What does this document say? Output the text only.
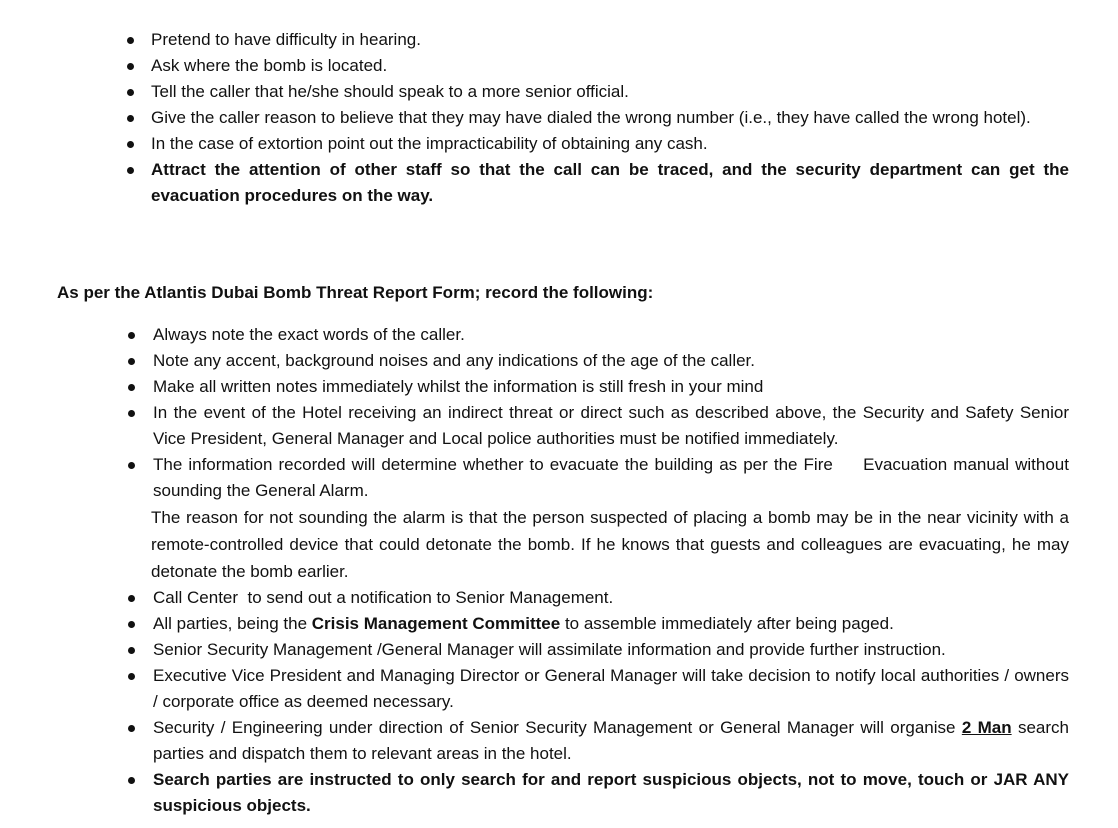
Pretend to have difficulty in hearing.
Ask where the bomb is located.
Tell the caller that he/she should speak to a more senior official.
Give the caller reason to believe that they may have dialed the wrong number (i.e., they have called the wrong hotel).
In the case of extortion point out the impracticability of obtaining any cash.
Attract the attention of other staff so that the call can be traced, and the security department can get the evacuation procedures on the way.

As per the Atlantis Dubai Bomb Threat Report Form; record the following:

Always note the exact words of the caller.
Note any accent, background noises and any indications of the age of the caller.
Make all written notes immediately whilst the information is still fresh in your mind
In the event of the Hotel receiving an indirect threat or direct such as described above, the Security and Safety Senior Vice President, General Manager and Local police authorities must be notified immediately.
The information recorded will determine whether to evacuate the building as per the Fire     Evacuation manual without sounding the General Alarm.
The reason for not sounding the alarm is that the person suspected of placing a bomb may be in the near vicinity with a remote-controlled device that could detonate the bomb. If he knows that guests and colleagues are evacuating, he may detonate the bomb earlier.
Call Center  to send out a notification to Senior Management.
All parties, being the Crisis Management Committee to assemble immediately after being paged.
Senior Security Management /General Manager will assimilate information and provide further instruction.
Executive Vice President and Managing Director or General Manager will take decision to notify local authorities / owners / corporate office as deemed necessary.
Security / Engineering under direction of Senior Security Management or General Manager will organise 2 Man search parties and dispatch them to relevant areas in the hotel.
Search parties are instructed to only search for and report suspicious objects, not to move, touch or JAR ANY suspicious objects.
